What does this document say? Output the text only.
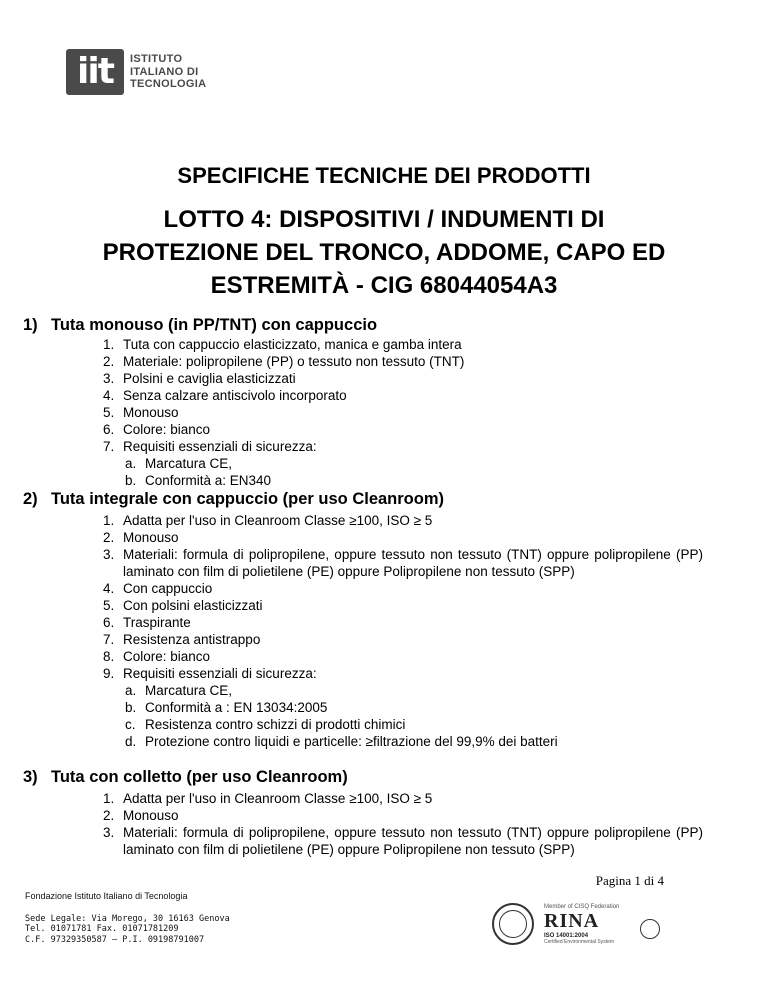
iit	ISTITUTO
ITALIANO DI
TECNOLOGIA
SPECIFICHE TECNICHE DEI PRODOTTI
LOTTO 4: DISPOSITIVI / INDUMENTI DI
PROTEZIONE DEL TRONCO, ADDOME, CAPO ED
ESTREMITÀ - CIG 68044054A3
1) Tuta monouso (in PP/TNT) con cappuccio
1. Tuta con cappuccio elasticizzato, manica e gamba intera
2. Materiale: polipropilene (PP) o tessuto non tessuto (TNT)
3. Polsini e caviglia elasticizzati
4. Senza calzare antiscivolo incorporato
5. Monouso
6. Colore: bianco
7. Requisiti essenziali di sicurezza:
a. Marcatura CE,
b. Conformità a: EN340
2) Tuta integrale con cappuccio (per uso Cleanroom)
1. Adatta per l'uso in Cleanroom Classe ≥100, ISO ≥ 5
2. Monouso
3. Materiali: formula di polipropilene, oppure tessuto non tessuto (TNT) oppure polipropilene (PP) laminato con film di polietilene (PE) oppure Polipropilene non tessuto (SPP)
4. Con cappuccio
5. Con polsini elasticizzati
6. Traspirante
7. Resistenza antistrappo
8. Colore: bianco
9. Requisiti essenziali di sicurezza:
a. Marcatura CE,
b. Conformità a : EN 13034:2005
c. Resistenza contro schizzi di prodotti chimici
d. Protezione contro liquidi e particelle: ≥filtrazione del 99,9% dei batteri
3) Tuta con colletto (per uso Cleanroom)
1. Adatta per l'uso in Cleanroom Classe ≥100, ISO ≥ 5
2. Monouso
3. Materiali: formula di polipropilene, oppure tessuto non tessuto (TNT) oppure polipropilene (PP) laminato con film di polietilene (PE) oppure Polipropilene non tessuto (SPP)
Pagina 1 di 4
Fondazione Istituto Italiano di Tecnologia
Sede Legale: Via Morego, 30 16163 Genova
Tel. 01071781 Fax. 01071781209
C.F. 97329350587 – P.I. 09198791007
Member of CISQ Federation
RINA
ISO 14001:2004
Certified Environmental System
